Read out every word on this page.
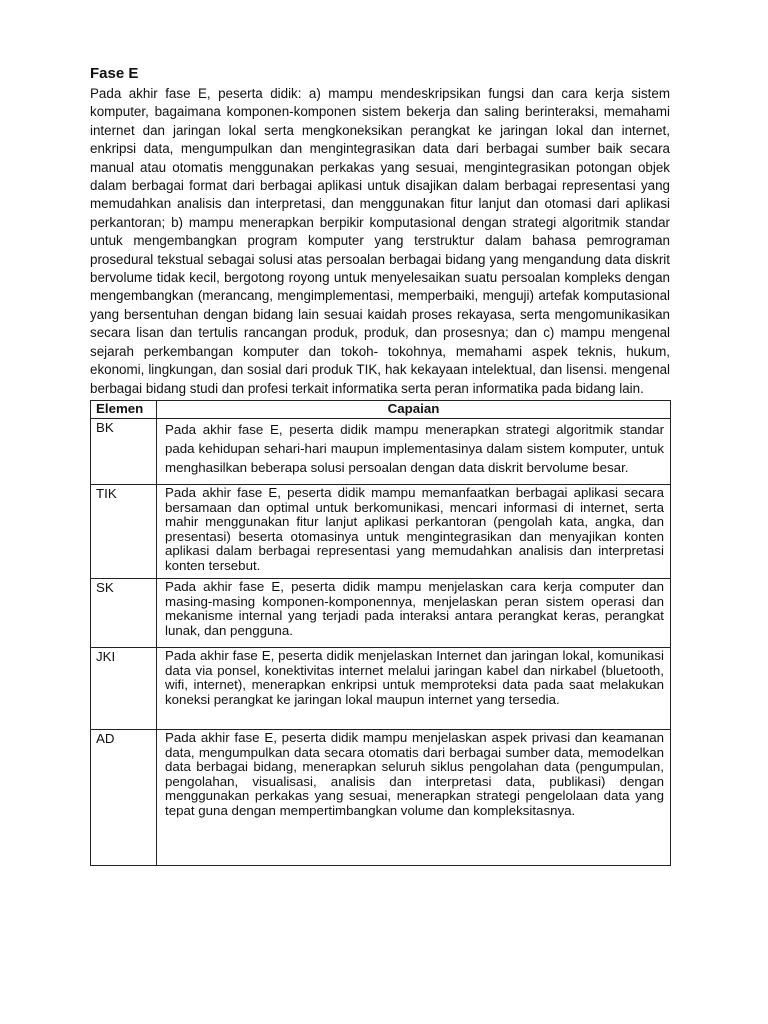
Fase E

Pada akhir fase E, peserta didik: a) mampu mendeskripsikan fungsi dan cara kerja sistem komputer, bagaimana komponen-komponen sistem bekerja dan saling berinteraksi, memahami internet dan jaringan lokal serta mengkoneksikan perangkat ke jaringan lokal dan internet, enkripsi data, mengumpulkan dan mengintegrasikan data dari berbagai sumber baik secara manual atau otomatis menggunakan perkakas yang sesuai, mengintegrasikan potongan objek dalam berbagai format dari berbagai aplikasi untuk disajikan dalam berbagai representasi yang memudahkan analisis dan interpretasi, dan menggunakan fitur lanjut dan otomasi dari aplikasi perkantoran; b) mampu menerapkan berpikir komputasional dengan strategi algoritmik standar untuk mengembangkan program komputer yang terstruktur dalam bahasa pemrograman prosedural tekstual sebagai solusi atas persoalan berbagai bidang yang mengandung data diskrit bervolume tidak kecil, bergotong royong untuk menyelesaikan suatu persoalan kompleks dengan mengembangkan (merancang, mengimplementasi, memperbaiki, menguji) artefak komputasional yang bersentuhan dengan bidang lain sesuai kaidah proses rekayasa, serta mengomunikasikan secara lisan dan tertulis rancangan produk, produk, dan prosesnya; dan c) mampu mengenal sejarah perkembangan komputer dan tokoh- tokohnya, memahami aspek teknis, hukum, ekonomi, lingkungan, dan sosial dari produk TIK, hak kekayaan intelektual, dan lisensi. mengenal berbagai bidang studi dan profesi terkait informatika serta peran informatika pada bidang lain.

Elemen	Capaian
BK	Pada akhir fase E, peserta didik mampu menerapkan strategi algoritmik standar pada kehidupan sehari-hari maupun implementasinya dalam sistem komputer, untuk menghasilkan beberapa solusi persoalan dengan data diskrit bervolume besar.
TIK	Pada akhir fase E, peserta didik mampu memanfaatkan berbagai aplikasi secara bersamaan dan optimal untuk berkomunikasi, mencari informasi di internet, serta mahir menggunakan fitur lanjut aplikasi perkantoran (pengolah kata, angka, dan presentasi) beserta otomasinya untuk mengintegrasikan dan menyajikan konten aplikasi dalam berbagai representasi yang memudahkan analisis dan interpretasi konten tersebut.
SK	Pada akhir fase E, peserta didik mampu menjelaskan cara kerja computer dan masing-masing komponen-komponennya, menjelaskan peran sistem operasi dan mekanisme internal yang terjadi pada interaksi antara perangkat keras, perangkat lunak, dan pengguna.
JKI	Pada akhir fase E, peserta didik menjelaskan Internet dan jaringan lokal, komunikasi data via ponsel, konektivitas internet melalui jaringan kabel dan nirkabel (bluetooth, wifi, internet), menerapkan enkripsi untuk memproteksi data pada saat melakukan koneksi perangkat ke jaringan lokal maupun internet yang tersedia.
AD	Pada akhir fase E, peserta didik mampu menjelaskan aspek privasi dan keamanan data, mengumpulkan data secara otomatis dari berbagai sumber data, memodelkan data berbagai bidang, menerapkan seluruh siklus pengolahan data (pengumpulan, pengolahan, visualisasi, analisis dan interpretasi data, publikasi) dengan menggunakan perkakas yang sesuai, menerapkan strategi pengelolaan data yang tepat guna dengan mempertimbangkan volume dan kompleksitasnya.
